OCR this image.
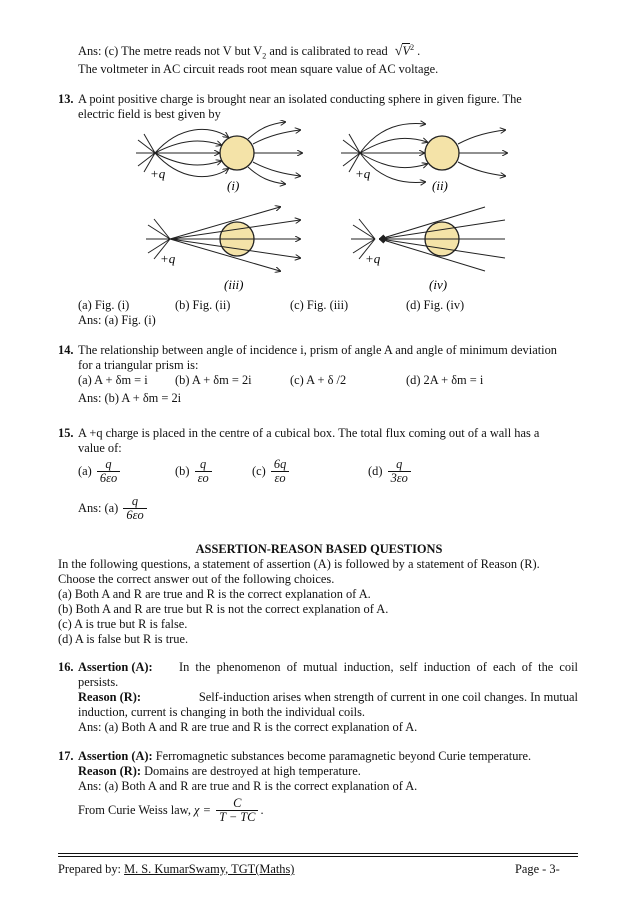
Ans: (c) The metre reads not V but $V_2$ and is calibrated to read $√V^2$ .
The voltmeter in AC circuit reads root mean square value of AC voltage.
13. A point positive charge is brought near an isolated conducting sphere in given figure. The
electric field is best given by
+q
(i)
+q
(ii)
+q
(iii)
+q
(iv)
(a) Fig. (i)	(b) Fig. (ii)	(c) Fig. (iii)	(d) Fig. (iv)
Ans: (a) Fig. (i)
14. The relationship between angle of incidence i, prism of angle A and angle of minimum deviation
for a triangular prism is:
(a) A + δm = i (b) A + δm = 2i	(c) A + δ /2	(d) 2A + δm = i
Ans: (b) A + δm = 2i
15. A +q charge is placed in the centre of a cubical box. The total flux coming out of a wall has a
value of:
$(a) \frac{q}{6\varepsilon o}$	$(b) \frac{q}{\varepsilon o}$	$(c) \frac{6q}{\varepsilon o}$	$(d) \frac{q}{3\varepsilon o}$
Ans: $(a) \frac{q}{6\varepsilon o}$
ASSERTION-REASON BASED QUESTIONS
In the following questions, a statement of assertion (A) is followed by a statement of Reason (R).
Choose the correct answer out of the following choices.
(a) Both A and R are true and R is the correct explanation of A.
(b) Both A and R are true but R is not the correct explanation of A.
(c) A is true but R is false.
(d) A is false but R is true.
16. Assertion (A): In the phenomenon of mutual induction, self induction of each of the coil
persists.
Reason (R):	Self-induction arises when strength of current in one coil changes. In mutual
induction, current is changing in both the individual coils.
Ans: (a) Both A and R are true and R is the correct explanation of A.
17. Assertion (A): Ferromagnetic substances become paramagnetic beyond Curie temperature.
Reason (R): Domains are destroyed at high temperature.
Ans: (a) Both A and R are true and R is the correct explanation of A.
From Curie Weiss law, $\chi = \frac{C}{T - TC}$ .
Prepared by: M. S. KumarSwamy, TGT(Maths)	Page - 3-
